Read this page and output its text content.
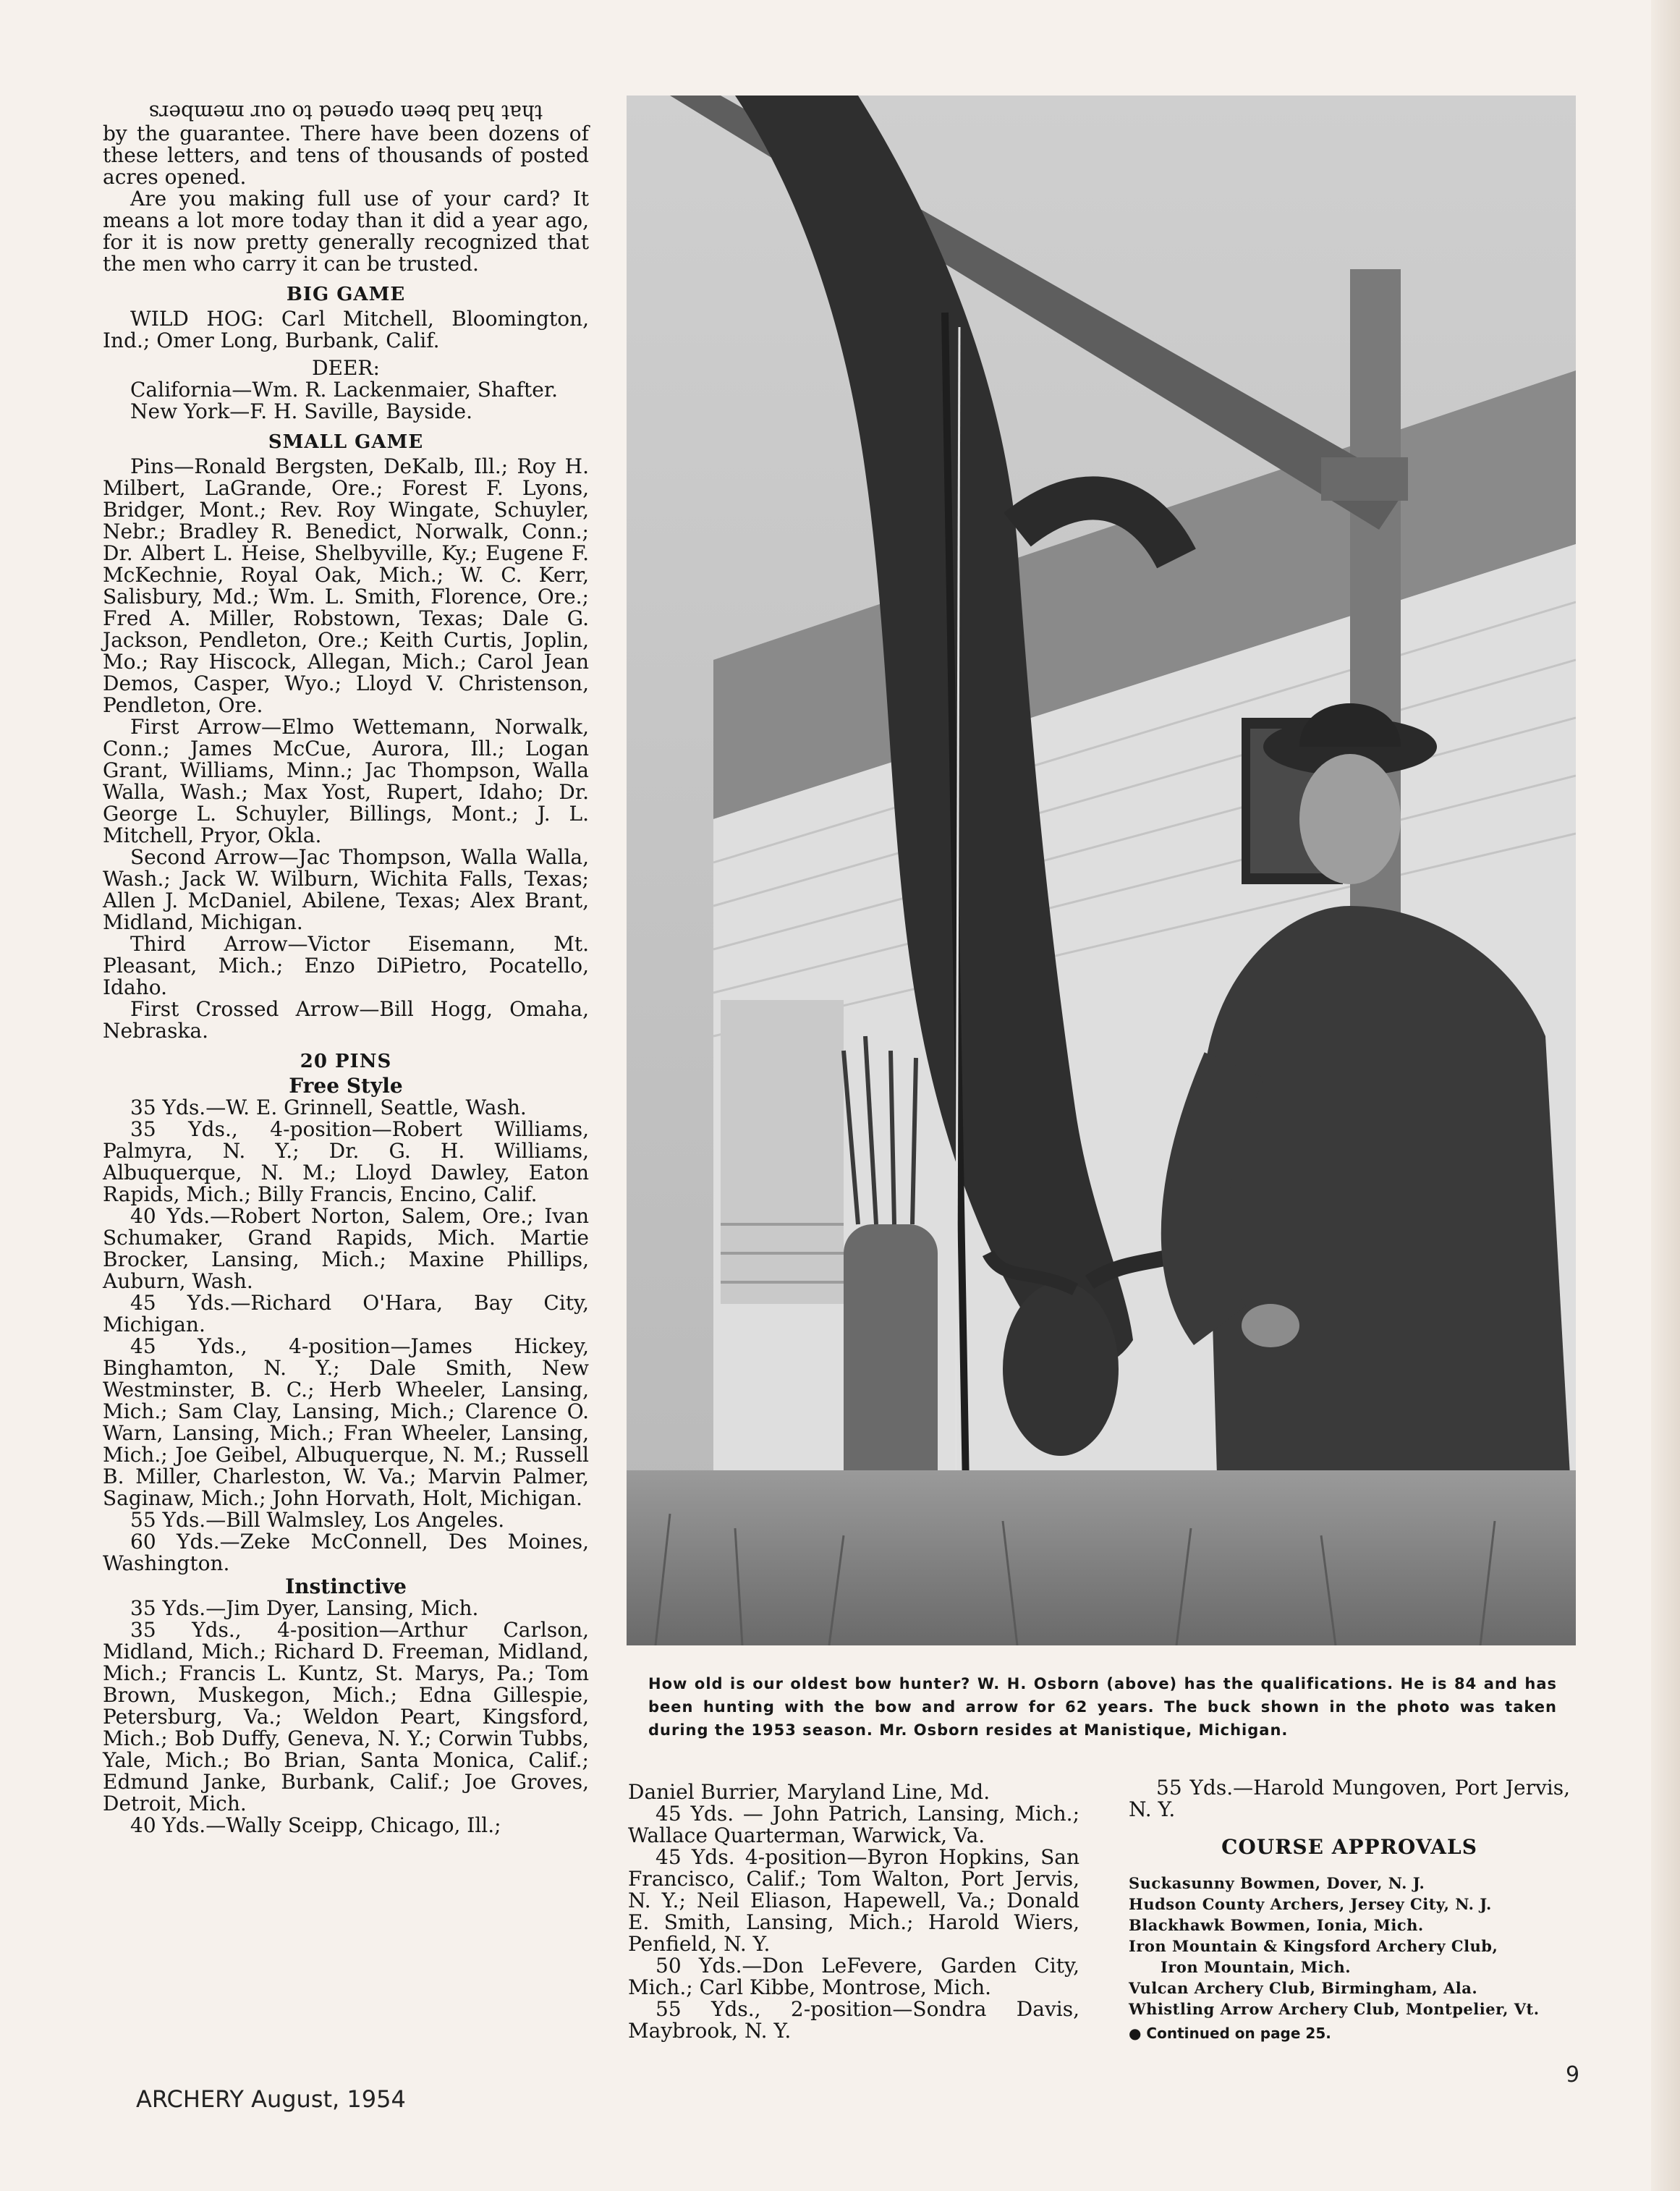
that had been opened to our members

by the guarantee. There have been dozens of these letters, and tens of thousands of posted acres opened.

Are you making full use of your card? It means a lot more today than it did a year ago, for it is now pretty generally recognized that the men who carry it can be trusted.

BIG GAME

WILD HOG: Carl Mitchell, Bloomington, Ind.; Omer Long, Burbank, Calif.

DEER:

California—Wm. R. Lackenmaier, Shafter.

New York—F. H. Saville, Bayside.

SMALL GAME

Pins—Ronald Bergsten, DeKalb, Ill.; Roy H. Milbert, LaGrande, Ore.; Forest F. Lyons, Bridger, Mont.; Rev. Roy Wingate, Schuyler, Nebr.; Bradley R. Benedict, Norwalk, Conn.; Dr. Albert L. Heise, Shelbyville, Ky.; Eugene F. McKechnie, Royal Oak, Mich.; W. C. Kerr, Salisbury, Md.; Wm. L. Smith, Florence, Ore.; Fred A. Miller, Robstown, Texas; Dale G. Jackson, Pendleton, Ore.; Keith Curtis, Joplin, Mo.; Ray Hiscock, Allegan, Mich.; Carol Jean Demos, Casper, Wyo.; Lloyd V. Christenson, Pendleton, Ore.

First Arrow—Elmo Wettemann, Norwalk, Conn.; James McCue, Aurora, Ill.; Logan Grant, Williams, Minn.; Jac Thompson, Walla Walla, Wash.; Max Yost, Rupert, Idaho; Dr. George L. Schuyler, Billings, Mont.; J. L. Mitchell, Pryor, Okla.

Second Arrow—Jac Thompson, Walla Walla, Wash.; Jack W. Wilburn, Wichita Falls, Texas; Allen J. McDaniel, Abilene, Texas; Alex Brant, Midland, Michigan.

Third Arrow—Victor Eisemann, Mt. Pleasant, Mich.; Enzo DiPietro, Pocatello, Idaho.

First Crossed Arrow—Bill Hogg, Omaha, Nebraska.

20 PINS

Free Style

35 Yds.—W. E. Grinnell, Seattle, Wash.

35 Yds., 4-position—Robert Williams, Palmyra, N. Y.; Dr. G. H. Williams, Albuquerque, N. M.; Lloyd Dawley, Eaton Rapids, Mich.; Billy Francis, Encino, Calif.

40 Yds.—Robert Norton, Salem, Ore.; Ivan Schumaker, Grand Rapids, Mich. Martie Brocker, Lansing, Mich.; Maxine Phillips, Auburn, Wash.

45 Yds.—Richard O'Hara, Bay City, Michigan.

45 Yds., 4-position—James Hickey, Binghamton, N. Y.; Dale Smith, New Westminster, B. C.; Herb Wheeler, Lansing, Mich.; Sam Clay, Lansing, Mich.; Clarence O. Warn, Lansing, Mich.; Fran Wheeler, Lansing, Mich.; Joe Geibel, Albuquerque, N. M.; Russell B. Miller, Charleston, W. Va.; Marvin Palmer, Saginaw, Mich.; John Horvath, Holt, Michigan.

55 Yds.—Bill Walmsley, Los Angeles.

60 Yds.—Zeke McConnell, Des Moines, Washington.

Instinctive

35 Yds.—Jim Dyer, Lansing, Mich.

35 Yds., 4-position—Arthur Carlson, Midland, Mich.; Richard D. Freeman, Midland, Mich.; Francis L. Kuntz, St. Marys, Pa.; Tom Brown, Muskegon, Mich.; Edna Gillespie, Petersburg, Va.; Weldon Peart, Kingsford, Mich.; Bob Duffy, Geneva, N. Y.; Corwin Tubbs, Yale, Mich.; Bo Brian, Santa Monica, Calif.; Edmund Janke, Burbank, Calif.; Joe Groves, Detroit, Mich.

40 Yds.—Wally Sceipp, Chicago, Ill.;

How old is our oldest bow hunter? W. H. Osborn (above) has the qualifications. He is 84 and has been hunting with the bow and arrow for 62 years. The buck shown in the photo was taken during the 1953 season. Mr. Osborn resides at Manistique, Michigan.

Daniel Burrier, Maryland Line, Md.

45 Yds. — John Patrich, Lansing, Mich.; Wallace Quarterman, Warwick, Va.

45 Yds. 4-position—Byron Hopkins, San Francisco, Calif.; Tom Walton, Port Jervis, N. Y.; Neil Eliason, Hapewell, Va.; Donald E. Smith, Lansing, Mich.; Harold Wiers, Penfield, N. Y.

50 Yds.—Don LeFevere, Garden City, Mich.; Carl Kibbe, Montrose, Mich.

55 Yds., 2-position—Sondra Davis, Maybrook, N. Y.

55 Yds.—Harold Mungoven, Port Jervis, N. Y.

COURSE APPROVALS

Suckasunny Bowmen, Dover, N. J.

Hudson County Archers, Jersey City, N. J.

Blackhawk Bowmen, Ionia, Mich.

Iron Mountain & Kingsford Archery Club,

Iron Mountain, Mich.

Vulcan Archery Club, Birmingham, Ala.

Whistling Arrow Archery Club, Montpelier, Vt.

● Continued on page 25.

ARCHERY August, 1954
9
